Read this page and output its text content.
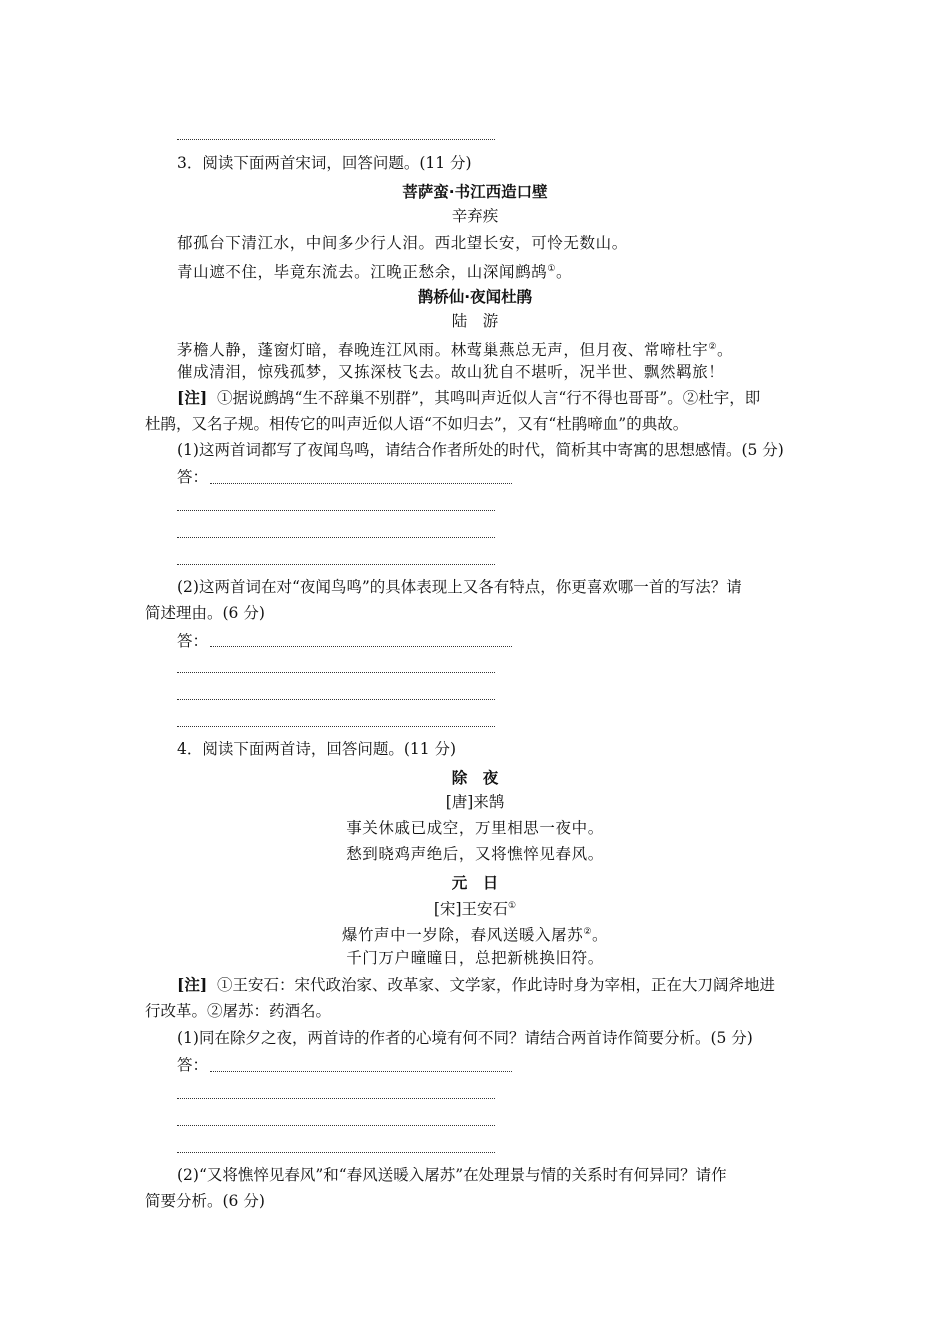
3．阅读下面两首宋词，回答问题。(11 分)
菩萨蛮·书江西造口壁
辛弃疾
郁孤台下清江水，中间多少行人泪。西北望长安，可怜无数山。
青山遮不住，毕竟东流去。江晚正愁余，山深闻鹧鸪①。
鹊桥仙·夜闻杜鹃
陆　游
茅檐人静，蓬窗灯暗，春晚连江风雨。林莺巢燕总无声，但月夜、常啼杜宇②。
催成清泪，惊残孤梦，又拣深枝飞去。故山犹自不堪听，况半世、飘然羁旅！
[注] ①据说鹧鸪“生不辞巢不别群”，其鸣叫声近似人言“行不得也哥哥”。②杜宇，即
杜鹃，又名子规。相传它的叫声近似人语“不如归去”，又有“杜鹃啼血”的典故。
(1)这两首词都写了夜闻鸟鸣，请结合作者所处的时代，简析其中寄寓的思想感情。(5 分)
答：
(2)这两首词在对“夜闻鸟鸣”的具体表现上又各有特点，你更喜欢哪一首的写法？请
简述理由。(6 分)
答：
4．阅读下面两首诗，回答问题。(11 分)
除　夜
[唐]来鹄
事关休戚已成空，万里相思一夜中。
愁到晓鸡声绝后，又将憔悴见春风。
元　日
[宋]王安石①
爆竹声中一岁除，春风送暖入屠苏②。
千门万户曈曈日，总把新桃换旧符。
[注] ①王安石：宋代政治家、改革家、文学家，作此诗时身为宰相，正在大刀阔斧地进
行改革。②屠苏：药酒名。
(1)同在除夕之夜，两首诗的作者的心境有何不同？请结合两首诗作简要分析。(5 分)
答：
(2)“又将憔悴见春风”和“春风送暖入屠苏”在处理景与情的关系时有何异同？请作
简要分析。(6 分)
